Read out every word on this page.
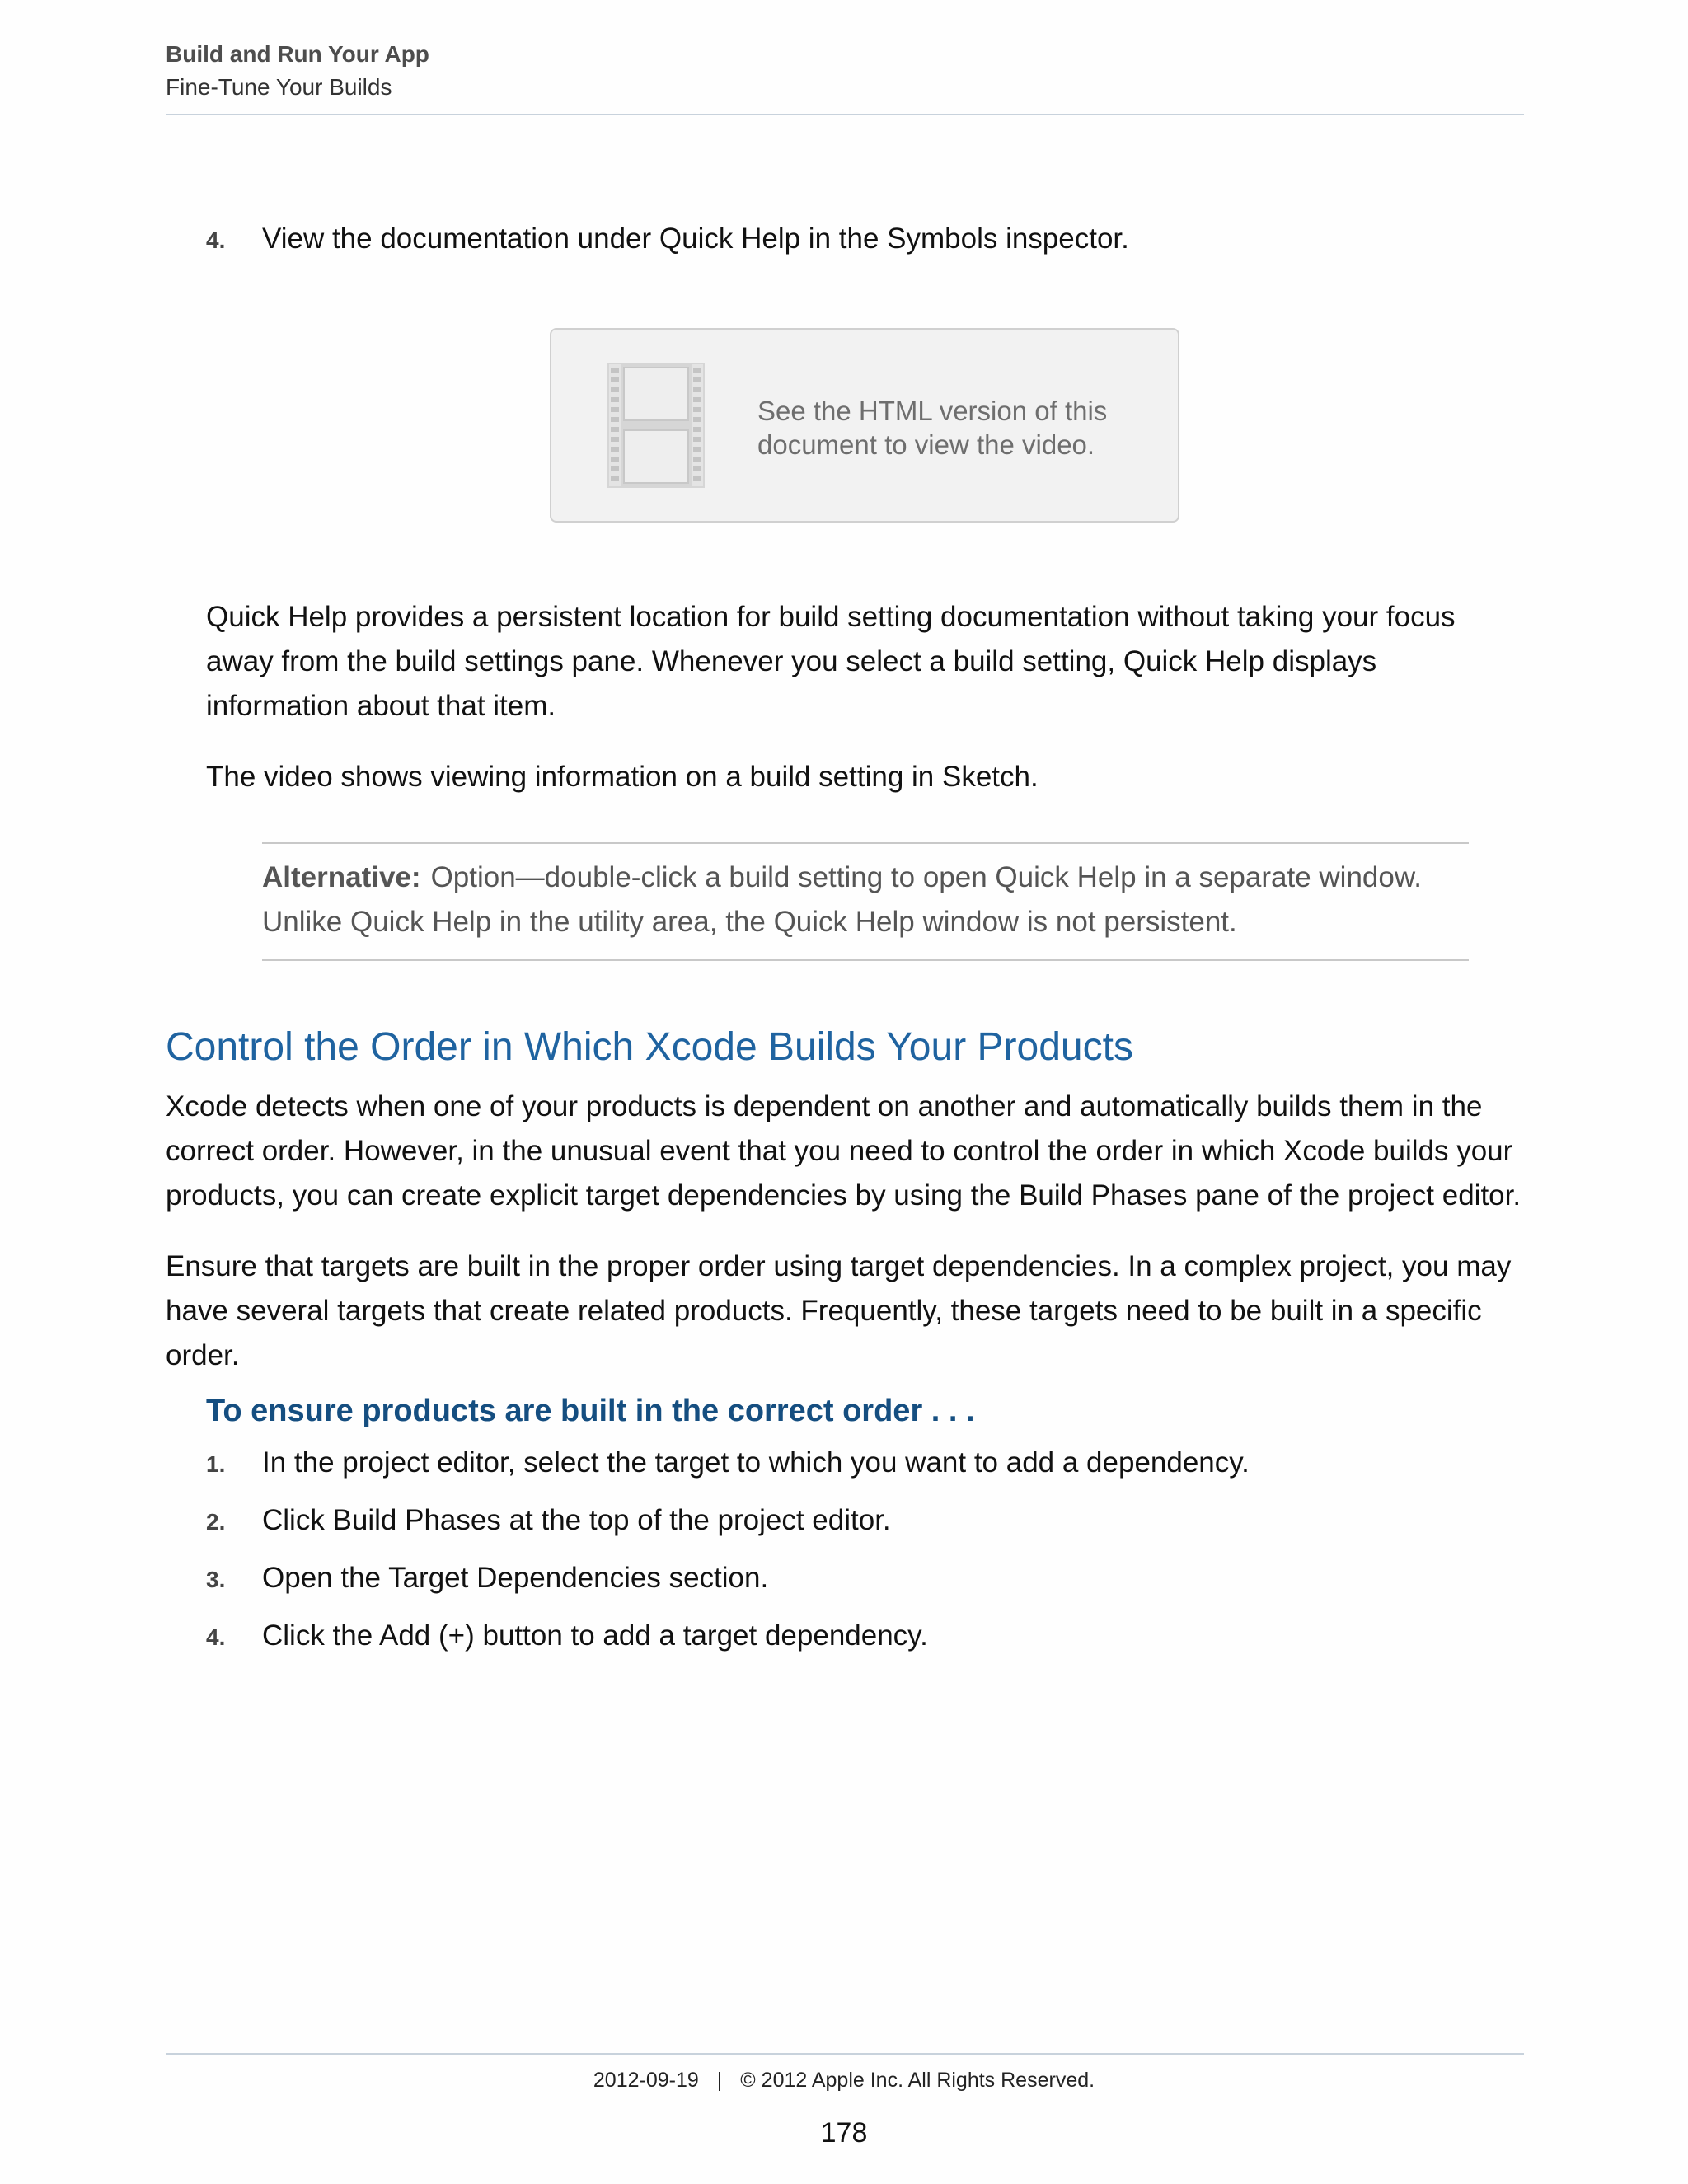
Build and Run Your App
Fine-Tune Your Builds
4.	View the documentation under Quick Help in the Symbols inspector.
See the HTML version of this document to view the video.
Quick Help provides a persistent location for build setting documentation without taking your focus away from the build settings pane. Whenever you select a build setting, Quick Help displays information about that item.
The video shows viewing information on a build setting in Sketch.
Alternative: Option—double-click a build setting to open Quick Help in a separate window. Unlike Quick Help in the utility area, the Quick Help window is not persistent.
Control the Order in Which Xcode Builds Your Products
Xcode detects when one of your products is dependent on another and automatically builds them in the correct order. However, in the unusual event that you need to control the order in which Xcode builds your products, you can create explicit target dependencies by using the Build Phases pane of the project editor.
Ensure that targets are built in the proper order using target dependencies. In a complex project, you may have several targets that create related products. Frequently, these targets need to be built in a specific order.
To ensure products are built in the correct order . . .
1.	In the project editor, select the target to which you want to add a dependency.
2.	Click Build Phases at the top of the project editor.
3.	Open the Target Dependencies section.
4.	Click the Add (+) button to add a target dependency.
2012-09-19 | © 2012 Apple Inc. All Rights Reserved.
178
